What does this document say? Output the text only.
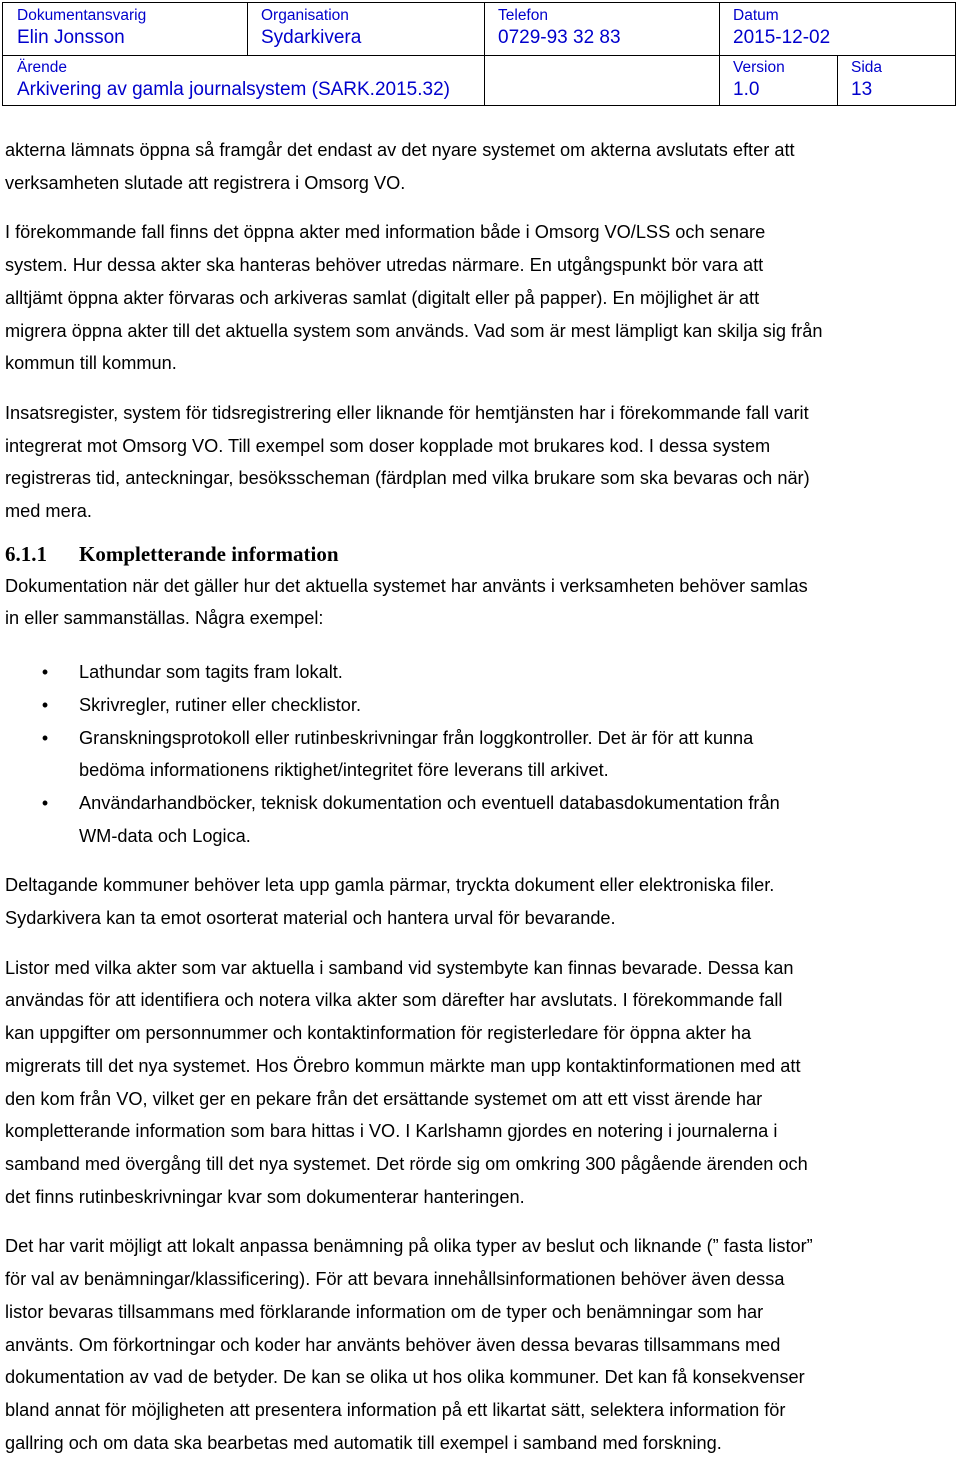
Dokumentansvarig
Elin Jonsson
Organisation
Sydarkivera
Telefon
0729-93 32 83
Datum
2015-12-02
Ärende
Arkivering av gamla journalsystem (SARK.2015.32)
Version
1.0
Sida
13

akterna lämnats öppna så framgår det endast av det nyare systemet om akterna avslutats efter att
verksamheten slutade att registrera i Omsorg VO.

I förekommande fall finns det öppna akter med information både i Omsorg VO/LSS och senare
system. Hur dessa akter ska hanteras behöver utredas närmare. En utgångspunkt bör vara att
alltjämt öppna akter förvaras och arkiveras samlat (digitalt eller på papper). En möjlighet är att
migrera öppna akter till det aktuella system som används. Vad som är mest lämpligt kan skilja sig från
kommun till kommun.

Insatsregister, system för tidsregistrering eller liknande för hemtjänsten har i förekommande fall varit
integrerat mot Omsorg VO. Till exempel som doser kopplade mot brukares kod. I dessa system
registreras tid, anteckningar, besöksscheman (färdplan med vilka brukare som ska bevaras och när)
med mera.

6.1.1 Kompletterande information

Dokumentation när det gäller hur det aktuella systemet har använts i verksamheten behöver samlas
in eller sammanställas. Några exempel:

•	Lathundar som tagits fram lokalt.
•	Skrivregler, rutiner eller checklistor.
•	Granskningsprotokoll eller rutinbeskrivningar från loggkontroller. Det är för att kunna
bedöma informationens riktighet/integritet före leverans till arkivet.
•	Användarhandböcker, teknisk dokumentation och eventuell databasdokumentation från
WM-data och Logica.

Deltagande kommuner behöver leta upp gamla pärmar, tryckta dokument eller elektroniska filer.
Sydarkivera kan ta emot osorterat material och hantera urval för bevarande.

Listor med vilka akter som var aktuella i samband vid systembyte kan finnas bevarade. Dessa kan
användas för att identifiera och notera vilka akter som därefter har avslutats. I förekommande fall
kan uppgifter om personnummer och kontaktinformation för registerledare för öppna akter ha
migrerats till det nya systemet. Hos Örebro kommun märkte man upp kontaktinformationen med att
den kom från VO, vilket ger en pekare från det ersättande systemet om att ett visst ärende har
kompletterande information som bara hittas i VO. I Karlshamn gjordes en notering i journalerna i
samband med övergång till det nya systemet. Det rörde sig om omkring 300 pågående ärenden och
det finns rutinbeskrivningar kvar som dokumenterar hanteringen.

Det har varit möjligt att lokalt anpassa benämning på olika typer av beslut och liknande (” fasta listor”
för val av benämningar/klassificering). För att bevara innehållsinformationen behöver även dessa
listor bevaras tillsammans med förklarande information om de typer och benämningar som har
använts. Om förkortningar och koder har använts behöver även dessa bevaras tillsammans med
dokumentation av vad de betyder. De kan se olika ut hos olika kommuner. Det kan få konsekvenser
bland annat för möjligheten att presentera information på ett likartat sätt, selektera information för
gallring och om data ska bearbetas med automatik till exempel i samband med forskning.
